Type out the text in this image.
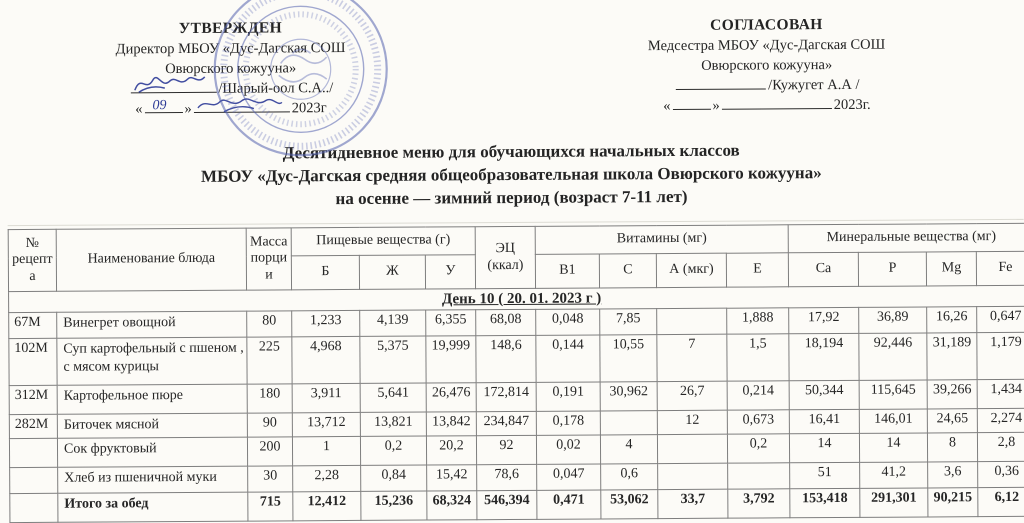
УТВЕРЖДЕН
Директор МБОУ «Дус-Дагская СОШ
Овюрского кожууна»
/Шарый-оол С.А../
« 09 »	2023г
СОГЛАСОВАН
Медсестра МБОУ «Дус-Дагская СОШ
Овюрского кожууна»
/Кужугет А.А /
«	»	2023г.
Десятидневное меню для обучающихся начальных классов
МБОУ «Дус-Дагская средняя общеобразовательная школа Овюрского кожууна»
на осенне — зимний период (возраст 7-11 лет)
№ рецепта	Наименование блюда	Масса порции	Пищевые вещества (г)			ЭЦ (ккал)	Витамины (мг)				Минеральные вещества (мг)			
			Б	Ж	У		В1	С	А (мкг)	Е	Са	Р	Mg	Fe
День 10 ( 20. 01. 2023 г )														
67М	Винегрет овощной	80	1,233	4,139	6,355	68,08	0,048	7,85		1,888	17,92	36,89	16,26	0,647
102М	Суп картофельный с пшеном , с мясом курицы	225	4,968	5,375	19,999	148,6	0,144	10,55	7	1,5	18,194	92,446	31,189	1,179
312М	Картофельное пюре	180	3,911	5,641	26,476	172,814	0,191	30,962	26,7	0,214	50,344	115,645	39,266	1,434
282М	Биточек мясной	90	13,712	13,821	13,842	234,847	0,178		12	0,673	16,41	146,01	24,65	2,274
	Сок фруктовый	200	1	0,2	20,2	92	0,02	4		0,2	14	14	8	2,8
	Хлеб из пшеничной муки	30	2,28	0,84	15,42	78,6	0,047	0,6			51	41,2	3,6	0,36
	Итого за обед	715	12,412	15,236	68,324	546,394	0,471	53,062	33,7	3,792	153,418	291,301	90,215	6,12
